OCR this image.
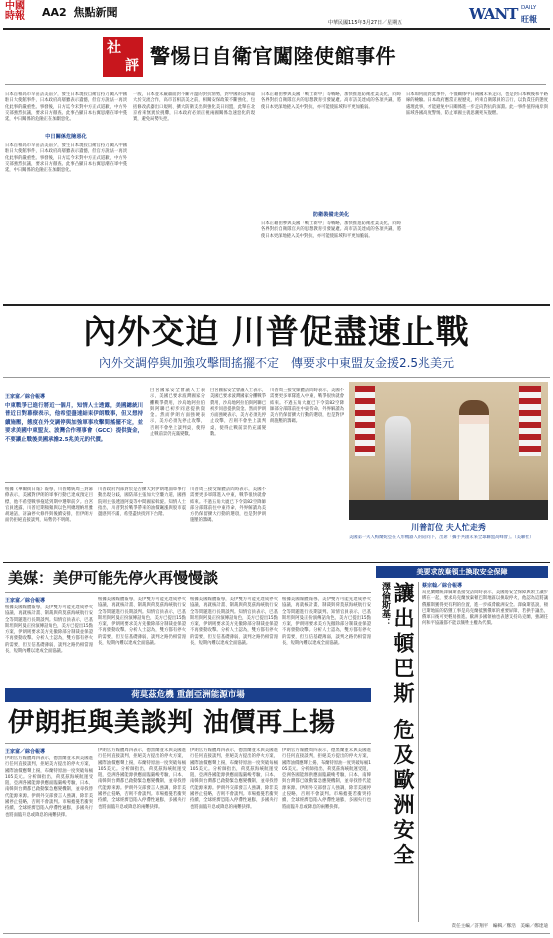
中國
時報	AA2 焦點新聞
中華民國115年3月27日／星期五	WANT DAILY
旺報
社
評 警惕日自衛官闖陸使館事件
日本首相高市早苗訪美前夕，發生日本現役自衛官持刀闖入中國駐日大使館事件，日本政府高層雖表示遺憾，但官方說法一再淡化此事的嚴重性。事發後，日方迄今未對中方正式道歉，中方外交部強烈抗議，要求日方徹查。此事凸顯日本右翼思潮在軍中蔓延，中日關係的危險正在加劇惡化。
中日關係危險惡化
日本首相高市早苗訪美前夕，發生日本現役自衛官持刀闖入中國駐日大使館事件，日本政府高層雖表示遺憾，但官方說法一再淡化此事的嚴重性。事發後，日方迄今未對中方正式道歉，中方外交部強烈抗議，要求日方徹查。此事凸顯日本右翼思潮在軍中蔓延，中日關係的危險正在加劇惡化。
一般，日本並未嚴肅面對不斷升溫的對抗情勢，對中國的忌憚遠大於交流合作，高市首相訪美之前，相關安保政策不斷強化，包括修改武器出口規則、擴大防衛支出與強化美日同盟，此舉在北京看來無異於挑釁，日本政府必須正視兩國關係急速惡化的現實，避免局勢失控。
日本正藉由參與美國「戰士新中」等戰略，加快推進防衛產業美化，同時各界對於自衛隊官兵的思想教育引發疑慮。高市訪美達成的各項共識，將使日本更深地捲入美中對抗，亦可能使區域和平更加脆弱。
防衛裝備走美化
日本正藉由參與美國「戰士新中」等戰略，加快推進防衛產業美化，同時各界對於自衛隊官兵的思想教育引發疑慮。高市訪美達成的各項共識，將使日本更深地捲入美中對抗，亦可能使區域和平更加脆弱。
日本如何面對此事件，不僅關係中日兩國未來走向，也是對日本戰後和平路線的檢驗。日本政府應當正視歷史，約束自衛隊員的言行，以負責任的態度處理此事，才能避免中日關係進一步走向對抗的深淵。此一事件值得兩岸與區域各國高度警惕，防止軍國主義思潮死灰復燃。
內外交迫 川普促盡速止戰
內外交調停與加強攻擊間搖擺不定　傳要求中東盟友金援2.5兆美元
王家富／綜合報導
中東戰爭已進行將近一個月，知情人士透露，美國總統川普近日對幕僚表示，他希望盡速結束伊朗戰事，但又想持續施壓，態度在外交調停與加強軍事攻擊間搖擺不定，並要求美國中東盟友、波灣合作理事會（GCC）提供資金，不要讓止戰後美國承擔2.5兆美元的代價。
根據《華爾街日報》報導，川普總統周三對幕僚表示，美國對伊朗的軍事行動已達成預定目標，他不希望戰事拖延到期中選舉前夕。白宮官員透露，川普近期頻頻與以色列總理納坦雅胡通話，討論停火條件與後續安排，但伊朗方面仍拒絕直接談判，局勢仍不明朗。
川普政府內部對於是否擴大對伊朗地面軍事行動出現分歧，國防部主張加大空襲力道，國務院則主張透過阿曼等中間國家斡旋。知情人士指出，川普對於戰爭帶來的油價飆漲與股市震盪感到不滿，希望盡快找到下台階。
白宮國家安全會議人士表示，美國已要求波灣國家分攤戰爭費用，沙烏地阿拉伯與阿聯已初步同意提供資金。然而伊朗方面強硬表示，美方必須先停止攻擊，否則不會坐上談判桌，使得止戰前景仍充滿變數。
川普周三接受媒體訪問時表示，美國不需要更多軍隊進入中東，戰爭很快就會結束。不過五角大廈已下令第82空降師部分部隊前往中東待命，外界解讀為美方仍保留擴大行動的選項，也是對伊朗施壓的籌碼。
白宮國家安全會議人士表示，美國已要求波灣國家分攤戰爭費用，沙烏地阿拉伯與阿聯已初步同意提供資金。然而伊朗方面強硬表示，美方必須先停止攻擊，否則不會坐上談判桌，使得止戰前景仍充滿變數。
川普周三接受媒體訪問時表示，美國不需要更多軍隊進入中東，戰爭很快就會結束。不過五角大廈已下令第82空降師部分部隊前往中東待命，外界解讀為美方仍保留擴大行動的選項，也是對伊朗施壓的籌碼。
川普訂位 夫人忙走秀
美國第一夫人梅蘭妮亞在人形機器人的陪同下，出席「攜手共創未來全球聯盟高峰會」。（美聯社）
美媒：美伊可能先停火再慢慢談
王家富／綜合報導
根據美國媒體報導，美伊雙方可能先達成停火協議，再就核計畫、制裁與荷莫茲海峽航行安全等問題進行長期談判。知情官員表示，巴基斯坦與阿曼正扮演傳話角色，美方已提出15點方案，伊朗則要求美方先撤除部分制裁並保證不再發動攻擊。分析人士認為，雙方都有停火的需要，但互信基礎薄弱，談判之路仍相當漫長，短期內難以達成全面協議。
根據美國媒體報導，美伊雙方可能先達成停火協議，再就核計畫、制裁與荷莫茲海峽航行安全等問題進行長期談判。知情官員表示，巴基斯坦與阿曼正扮演傳話角色，美方已提出15點方案，伊朗則要求美方先撤除部分制裁並保證不再發動攻擊。分析人士認為，雙方都有停火的需要，但互信基礎薄弱，談判之路仍相當漫長，短期內難以達成全面協議。
根據美國媒體報導，美伊雙方可能先達成停火協議，再就核計畫、制裁與荷莫茲海峽航行安全等問題進行長期談判。知情官員表示，巴基斯坦與阿曼正扮演傳話角色，美方已提出15點方案，伊朗則要求美方先撤除部分制裁並保證不再發動攻擊。分析人士認為，雙方都有停火的需要，但互信基礎薄弱，談判之路仍相當漫長，短期內難以達成全面協議。
根據美國媒體報導，美伊雙方可能先達成停火協議，再就核計畫、制裁與荷莫茲海峽航行安全等問題進行長期談判。知情官員表示，巴基斯坦與阿曼正扮演傳話角色，美方已提出15點方案，伊朗則要求美方先撤除部分制裁並保證不再發動攻擊。分析人士認為，雙方都有停火的需要，但互信基礎薄弱，談判之路仍相當漫長，短期內難以達成全面協議。
荷莫茲危機 重創亞洲能源市場
伊朗拒與美談判 油價再上揚
王家富／綜合報導
伊朗官方媒體周四表示，德黑蘭並未與美國進行任何直接談判，拒絕美方提出的停火方案，國際油價應聲上揚，布蘭特原油一度突破每桶105美元。分析師指出，荷莫茲海峽航運受阻，亞洲各國能源供應面臨嚴峻考驗，日本、南韓與台灣都已啟動緊急應變機制，並尋找替代能源來源。伊朗外交部發言人強調，除非美國停止侵略，否則不會談判。市場擔憂若衝突持續，全球經濟恐陷入停滯性通膨，多國央行也將面臨升息或降息的兩難抉擇。
伊朗官方媒體周四表示，德黑蘭並未與美國進行任何直接談判，拒絕美方提出的停火方案，國際油價應聲上揚，布蘭特原油一度突破每桶105美元。分析師指出，荷莫茲海峽航運受阻，亞洲各國能源供應面臨嚴峻考驗，日本、南韓與台灣都已啟動緊急應變機制，並尋找替代能源來源。伊朗外交部發言人強調，除非美國停止侵略，否則不會談判。市場擔憂若衝突持續，全球經濟恐陷入停滯性通膨，多國央行也將面臨升息或降息的兩難抉擇。
伊朗官方媒體周四表示，德黑蘭並未與美國進行任何直接談判，拒絕美方提出的停火方案，國際油價應聲上揚，布蘭特原油一度突破每桶105美元。分析師指出，荷莫茲海峽航運受阻，亞洲各國能源供應面臨嚴峻考驗，日本、南韓與台灣都已啟動緊急應變機制，並尋找替代能源來源。伊朗外交部發言人強調，除非美國停止侵略，否則不會談判。市場擔憂若衝突持續，全球經濟恐陷入停滯性通膨，多國央行也將面臨升息或降息的兩難抉擇。
伊朗官方媒體周四表示，德黑蘭並未與美國進行任何直接談判，拒絕美方提出的停火方案，國際油價應聲上揚，布蘭特原油一度突破每桶105美元。分析師指出，荷莫茲海峽航運受阻，亞洲各國能源供應面臨嚴峻考驗，日本、南韓與台灣都已啟動緊急應變機制，並尋找替代能源來源。伊朗外交部發言人強調，除非美國停止侵略，否則不會談判。市場擔憂若衝突持續，全球經濟恐陷入停滯性通膨，多國央行也將面臨升息或降息的兩難抉擇。
美要求放棄領土換取安全保障
澤倫斯基： 讓出頓巴斯 危及歐洲安全 蔡宗翰／綜合報導
烏克蘭總統澤倫斯基接受訪問時表示，美國將安全保障與領土讓步綁在一起，要求烏克蘭放棄頓巴斯地區以換取停火，他認為這將讓俄羅斯獲得更有利的位置，進一步威脅歐洲安全。澤倫斯基說，頓巴斯地區的防禦工事是烏克蘭抵禦俄軍的重要屏障，若拱手讓出，俄軍日後可更輕易推進。歐洲多國領袖也表態支持烏克蘭，強調任何和平協議都不能以犧牲主權為代價。
責任主編／許翔平　編輯／鄭浩　美編／鄭達迪
